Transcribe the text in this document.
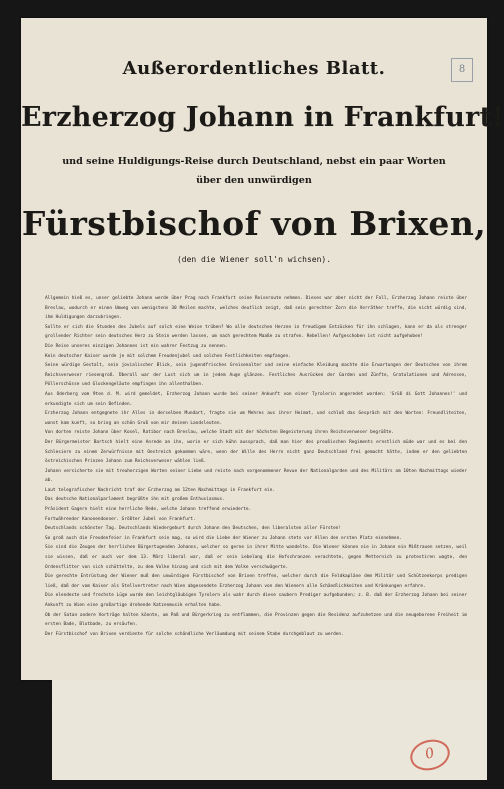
8
Außerordentliches Blatt.
Erzherzog Johann in Frankfurt!
und seine Huldigungs-Reise durch Deutschland, nebst ein paar Worten
über den unwürdigen
Fürstbischof von Brixen,
(den die Wiener soll'n wichsen).

Allgemein hieß es, unser geliebte Johann werde über Prag nach Frankfurt seine Reiseroute nehmen. Dieses war aber nicht der Fall, Erzherzog Johann reiste über Breslau, wodurch er einen Umweg von wenigstens 30 Meilen machte, welches deutlich zeigt, daß sein gerechter Zorn die Verräther treffe, die nicht würdig sind, ihm Huldigungen darzubringen.

Sollte er sich die Stunden des Jubels auf solch eine Weise trüben? Wo alle deutschen Herzen in freudigem Entzücken für ihn schlagen, kann er da als strenger grollender Richter sein deutsches Herz zu Stein werden lassen, um nach gerechtem Maaße zu strafen. Rebellen! Aufgeschoben ist nicht aufgehoben!

Die Reise unseres einzigen Johannes ist ein wahrer Festzug zu nennen.

Kein deutscher Kaiser wurde je mit solchem Freudenjubel und solchen Festlichkeiten empfangen.

Seine würdige Gestalt, sein jovialischer Blick, sein jugendfrisches Greisenalter und seine einfache Kleidung machte die Erwartungen der Deutschen von ihrem Reichsverweser riesengroß. Überall war der Lust sich um in jedem Auge glänzen. Festliches Ausrücken der Garden und Zünfte, Gratulationen und Adressen, Pöllerschüsse und Glockengeläute empfingen ihn allenthalben.

Aus Oderberg vom 9ten d. M. wird gemeldet, Erzherzog Johann wurde bei seiner Ankunft von einer Tyrolerin angeredet worden: 'Grüß di Gott Johannes!' und erkundigte sich um sein Befinden.

Erzherzog Johann entgegnete ihr Alles in derselben Mundart, fragte sie um Mehres aus ihrer Heimat, und schloß das Gespräch mit den Worten: Freundliteiten, wonst kam kunft, so bring an schön Gruß von mir deinen Landsleuten.

Von dorten reiste Johann über Kosel, Ratibor nach Breslau, welche Stadt mit der höchsten Begeisterung ihren Reichsverweser begrüßte.

Der Bürgermeister Bartsch hielt eine Anrede an ihn, worin er sich kühn aussprach, daß man hier des preußischen Regiments ernstlich müde war und es bei den Schlesiern zu einem Zerwürfnisse mit Oestreich gekommen wäre, wenn der Wille des Herrn nicht ganz Deutschland frei gemacht hätte, indem er den geliebten östreichischen Prinzen Johann zum Reichsverweser wählen ließ.

Johann versicherte sie mit treuherzigen Worten seiner Liebe und reiste nach vorgenommener Revue der Nationalgarden und des Militärs am 10ten Nachmittags wieder ab.

Laut telegrafischer Nachricht traf der Erzherzog am 12ten Nachmittags in Frankfurt ein.

Das deutsche Nationalparlament begrüßte ihn mit großem Enthusiasmus.

Präsident Gagern hielt eine herrliche Rede, welche Johann treffend erwiederte.

Fortwährender Kanonendonner. Größter Jubel von Frankfurt.

Deutschlands schönster Tag. Deutschlands Wiedergeburt durch Johann den Deutschen, den liberalsten aller Fürsten!

So groß auch die Freudenfeier in Frankfurt sein mag, so wird die Liebe der Wiener zu Johann stets vor Allen den ersten Platz einnehmen.

Sie sind die Zeugen der herrlichen Bürgertugenden Johanns, welcher so gerne in ihrer Mitte wandelte. Die Wiener können nie in Johann ein Mißtrauen setzen, weil sie wissen, daß er auch vor dem 13. März liberal war, daß er sein Lebelang die Hofschranzen verachtete, gegen Metternich zu protestiren wagte, den Ordensflitter von sich schüttelte, zu dem Volke hinzog und sich mit dem Volke verschwägerte.

Die gerechte Entrüstung der Wiener muß den unwürdigen Fürstbischof von Brixen treffen, welcher durch die Feldkapläne dem Militär und Schützenkorps predigen ließ, daß der vom Kaiser als Stellvertreter nach Wien abgesendete Erzherzog Johann von den Wienern alle Schändlichkeiten und Kränkungen erfahre.

Die elendeste und frechste Lüge wurde den leichtgläubigen Tyrolern als wahr durch diese saubern Prediger aufgebunden; z. B. daß der Erzherzog Johann bei seiner Ankunft zu Wien eine großartige drohende Katzenmusik erhalten habe.

Ob der Satan andere Vorträge halten könnte, um Paß und Bürgerkrieg zu entflammen, die Provinzen gegen die Residenz aufzuhetzen und die neugeborene Freiheit im ersten Bade, Blutbade, zu ersäufen.

Der Fürstbischof von Brixen verdiente für solche schändliche Verläumdung mit seinem Stabe durchgeblaut zu werden.

0
